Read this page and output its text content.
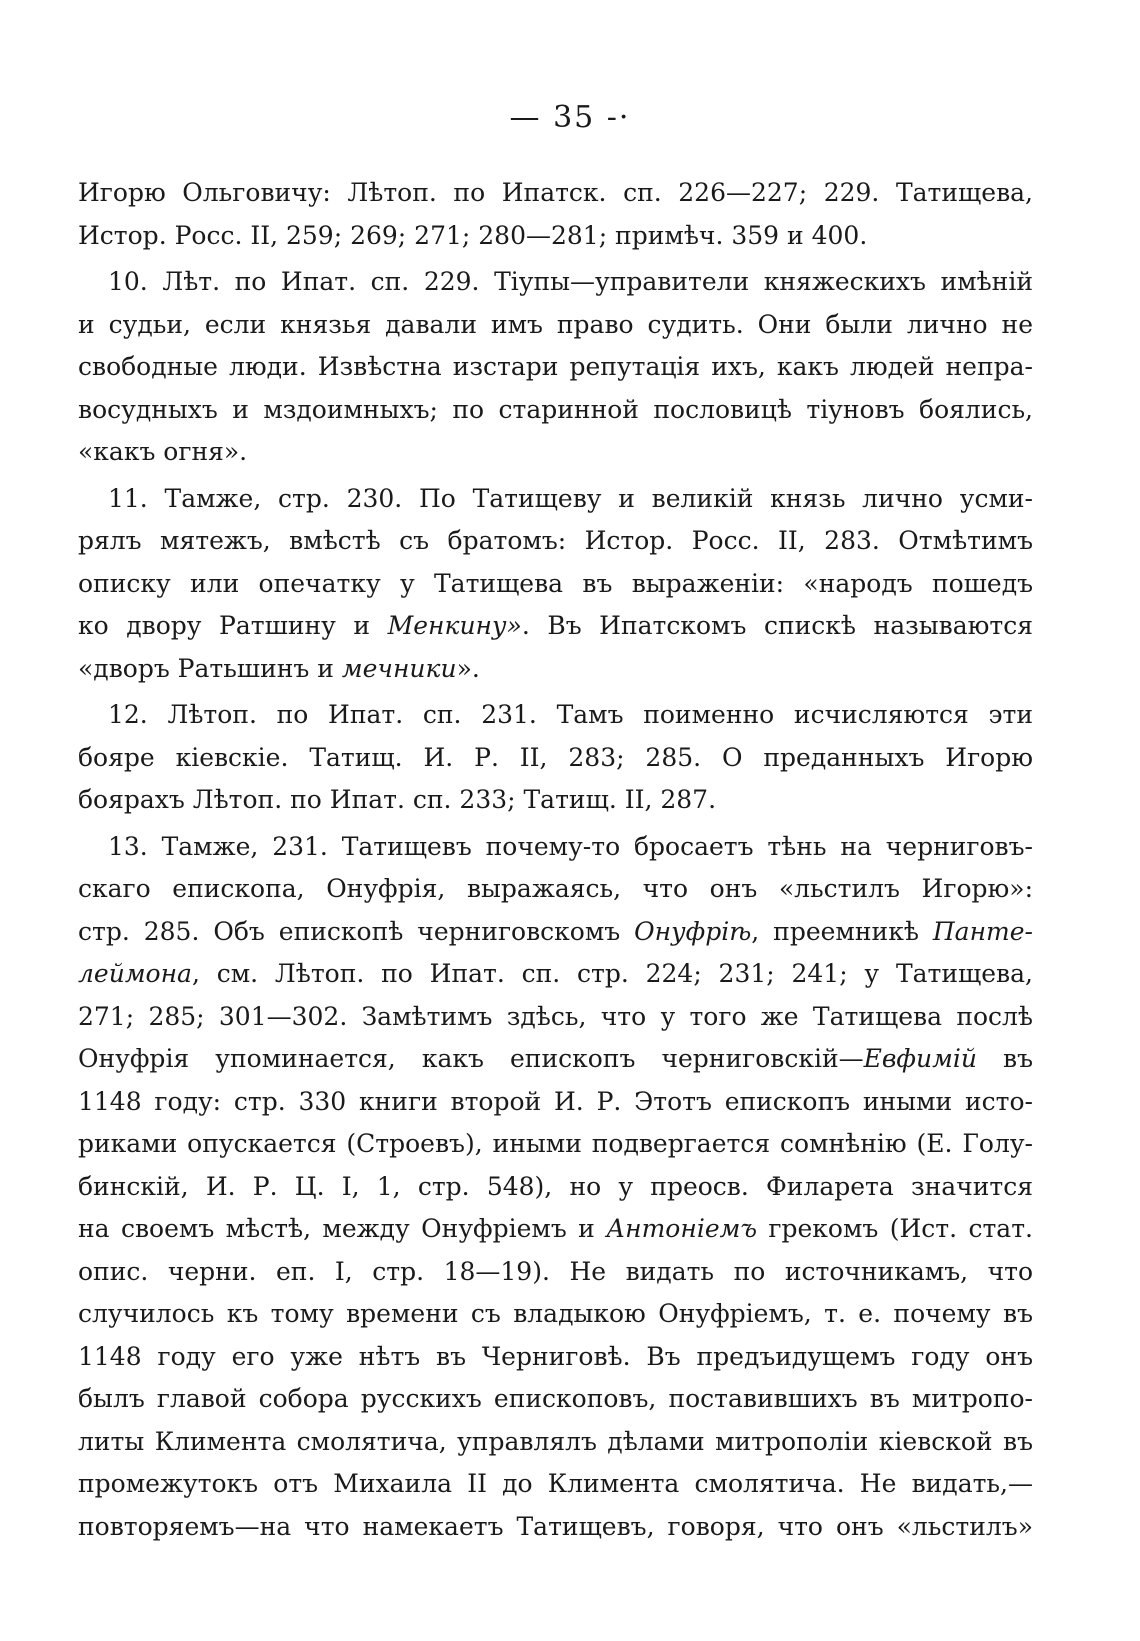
— 35 -·
Игорю Ольговичу: Лѣтоп. по Ипатск. сп. 226—227; 229. Татищева,
Истор. Росс. II, 259; 269; 271; 280—281; примѣч. 359 и 400.
10. Лѣт. по Ипат. сп. 229. Тiупы—управители княжескихъ имѣнiй
и судьи, если князья давали имъ право судить. Они были лично не
свободные люди. Извѣстна изстари репутацiя ихъ, какъ людей непра-
восудныхъ и мздоимныхъ; по старинной пословицѣ тiуновъ боялись,
«какъ огня».
11. Тамже, стр. 230. По Татищеву и великiй князь лично усми-
рялъ мятежъ, вмѣстѣ съ братомъ: Истор. Росс. II, 283. Отмѣтимъ
описку или опечатку у Татищева въ выраженiи: «народъ пошедъ
ко двору Ратшину и Менкину». Въ Ипатскомъ спискѣ называются
«дворъ Ратьшинъ и мечники».
12. Лѣтоп. по Ипат. сп. 231. Тамъ поименно исчисляются эти
бояре кiевскiе. Татищ. И. Р. II, 283; 285. О преданныхъ Игорю
боярахъ Лѣтоп. по Ипат. сп. 233; Татищ. II, 287.
13. Тамже, 231. Татищевъ почему-то бросаетъ тѣнь на черниговъ-
скаго епископа, Онуфрiя, выражаясь, что онъ «льстилъ Игорю»:
стр. 285. Объ епископѣ черниговскомъ Онуфрiѣ, преемникѣ Панте-
леймона, см. Лѣтоп. по Ипат. сп. стр. 224; 231; 241; у Татищева,
271; 285; 301—302. Замѣтимъ здѣсь, что у того же Татищева послѣ
Онуфрiя упоминается, какъ епископъ черниговскiй—Евфимiй въ
1148 году: стр. 330 книги второй И. Р. Этотъ епископъ иными исто-
риками опускается (Строевъ), иными подвергается сомнѣнiю (Е. Голу-
бинскiй, И. Р. Ц. I, 1, стр. 548), но у преосв. Филарета значится
на своемъ мѣстѣ, между Онуфрiемъ и Антонiемъ грекомъ (Ист. стат.
опис. черни. еп. I, стр. 18—19). Не видать по источникамъ, что
случилось къ тому времени съ владыкою Онуфрiемъ, т. е. почему въ
1148 году его уже нѣтъ въ Черниговѣ. Въ предъидущемъ году онъ
былъ главой собора русскихъ епископовъ, поставившихъ въ митропо-
литы Климента смолятича, управлялъ дѣлами митрополiи кiевской въ
промежутокъ отъ Михаила II до Климента смолятича. Не видать,—
повторяемъ—на что намекаетъ Татищевъ, говоря, что онъ «льстилъ»
